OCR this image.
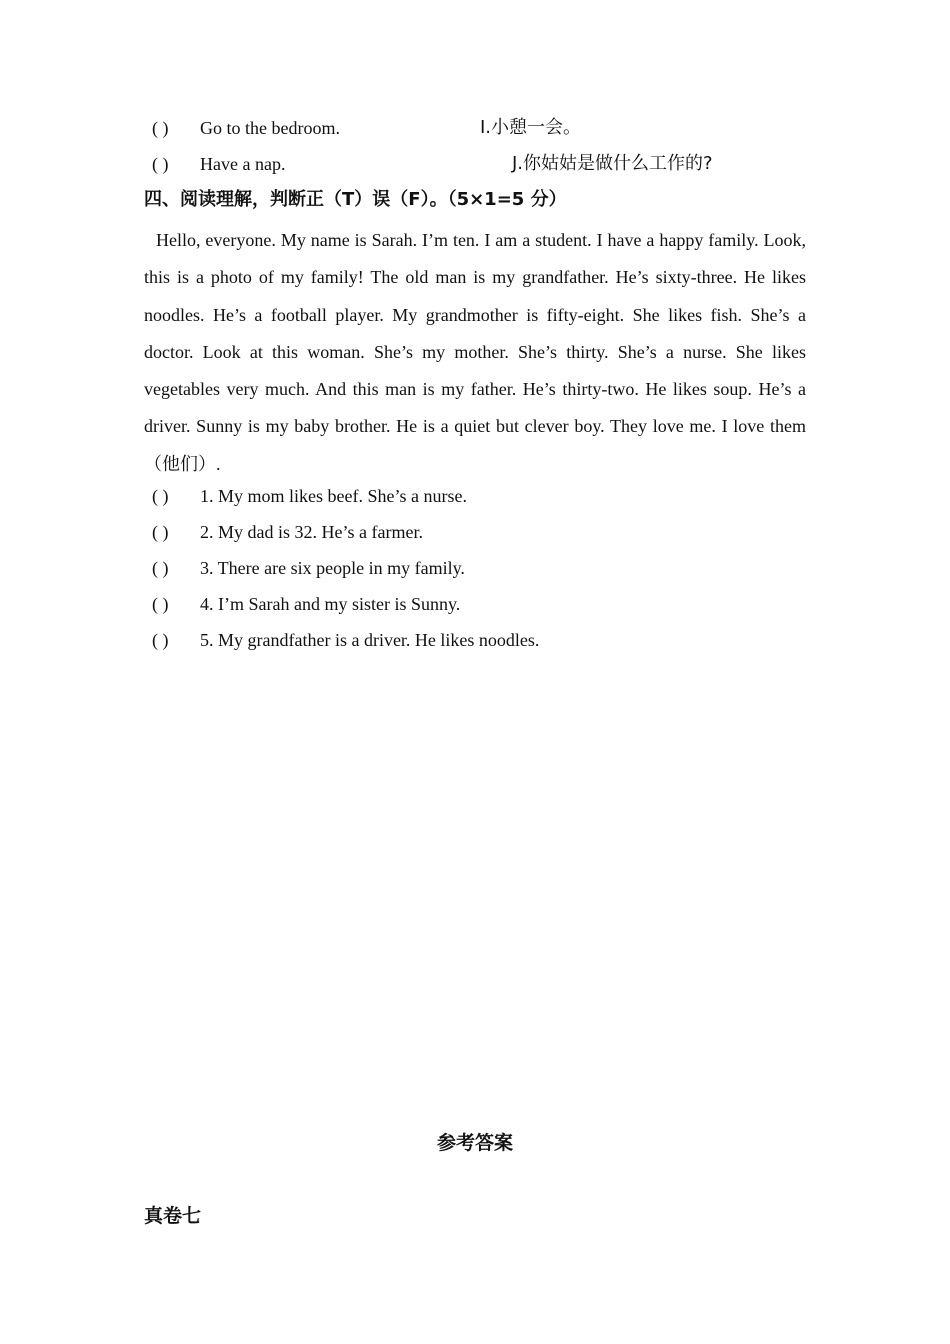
( ) Go to the bedroom.	I.小憩一会。
( ) Have a nap.	J.你姑姑是做什么工作的?
四、阅读理解，判断正（T）误（F）。（5×1=5 分）
Hello, everyone. My name is Sarah. I’m ten. I am a student. I have a happy family. Look, this is a photo of my family! The old man is my grandfather. He’s sixty-three. He likes noodles. He’s a football player. My grandmother is fifty-eight. She likes fish. She’s a doctor. Look at this woman. She’s my mother. She’s thirty. She’s a nurse. She likes vegetables very much. And this man is my father. He’s thirty-two. He likes soup. He’s a driver. Sunny is my baby brother. He is a quiet but clever boy. They love me. I love them（他们）.
( ) 1. My mom likes beef. She’s a nurse.
( ) 2. My dad is 32. He’s a farmer.
( ) 3. There are six people in my family.
( ) 4. I’m Sarah and my sister is Sunny.
( ) 5. My grandfather is a driver. He likes noodles.
参考答案
真卷七
